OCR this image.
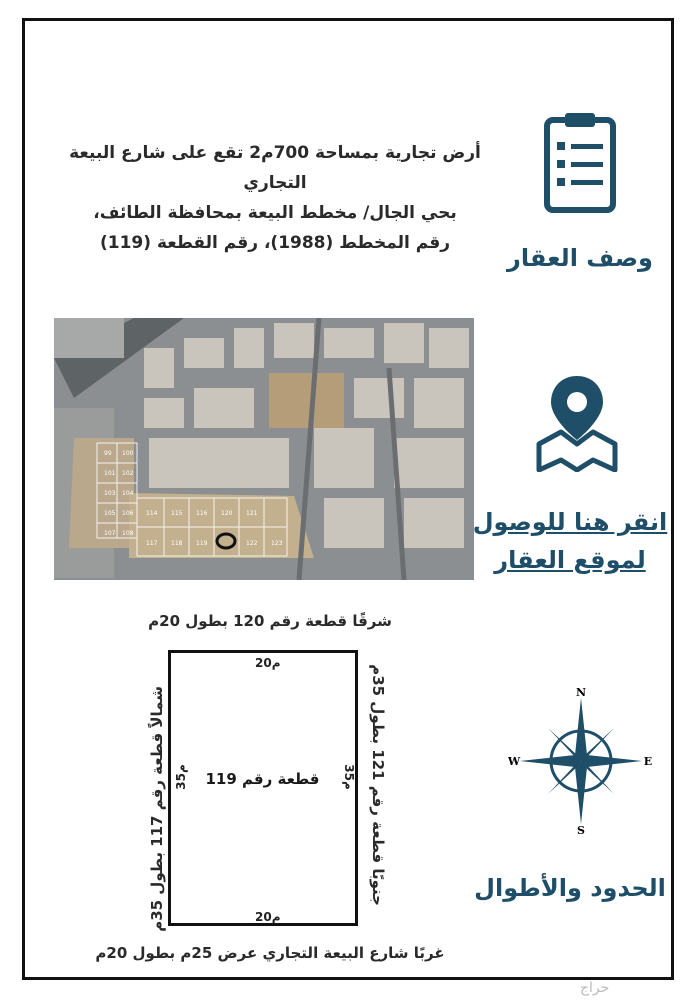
أرض تجارية بمساحة 700م2 تقع على شارع البيعة التجاري
بحي الجال/ مخطط البيعة بمحافظة الطائف،
رقم المخطط (1988)، رقم القطعة (119)
وصف العقار
99 100
101 102
103 104
105 106
107 108
114 115 116
117 118 119
120 121
122 123
انقر هنا للوصول
لموقع العقار
شرقًا قطعة رقم 120 بطول 20م
20م
20م
35م	35م
قطعة رقم 119
شمالاً قطعة رقم 117 بطول 35م
جنوبًا قطعة رقم 121 بطول 35م
غربًا شارع البيعة التجاري عرض 25م بطول 20م
N
S
W	E
الحدود والأطوال
حراج
